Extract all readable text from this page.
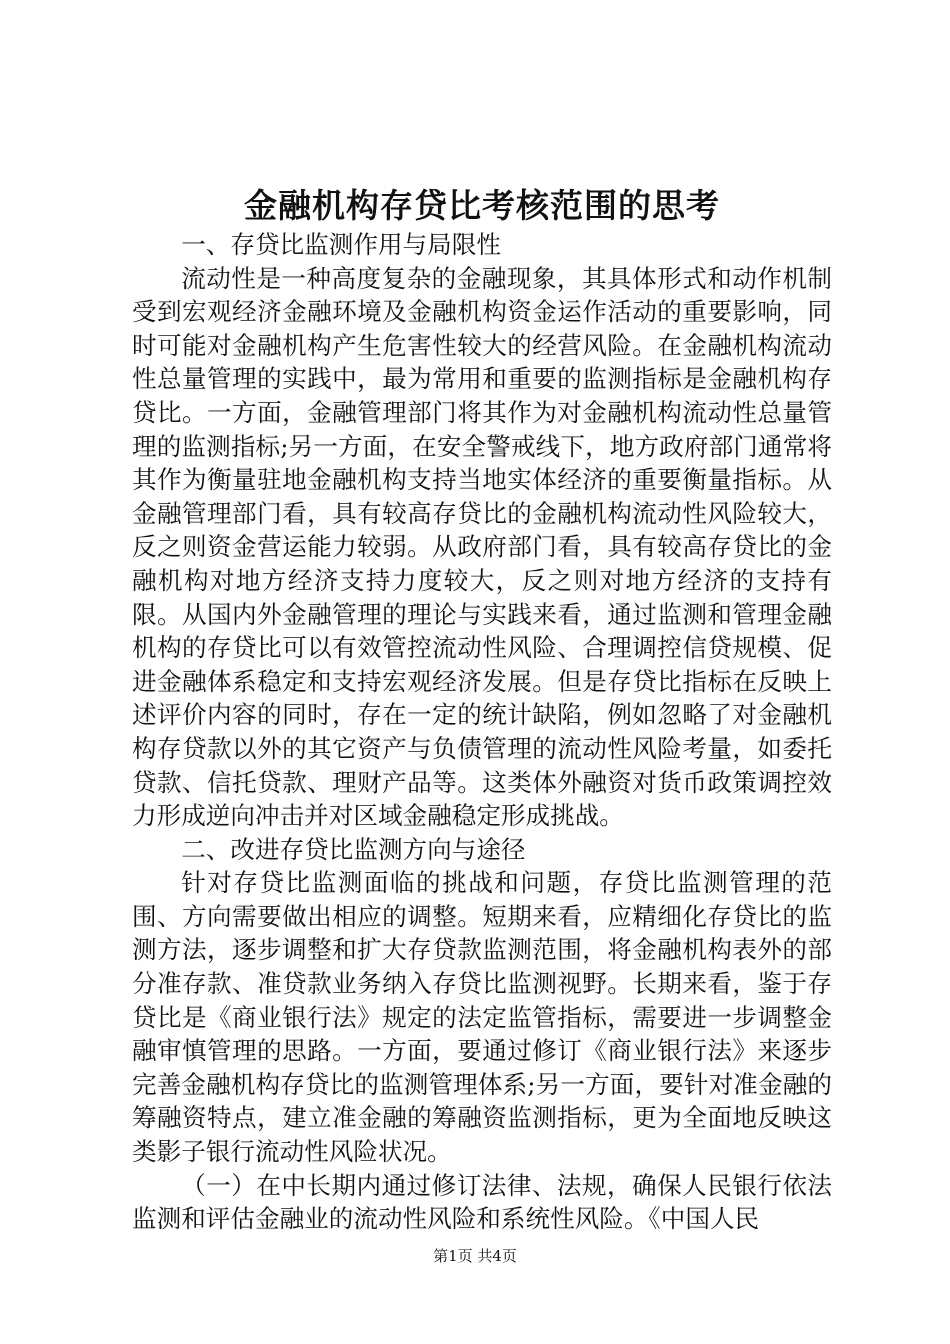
金融机构存贷比考核范围的思考

一、存贷比监测作用与局限性

流动性是一种高度复杂的金融现象，其具体形式和动作机制受到宏观经济金融环境及金融机构资金运作活动的重要影响，同时可能对金融机构产生危害性较大的经营风险。在金融机构流动性总量管理的实践中，最为常用和重要的监测指标是金融机构存贷比。一方面，金融管理部门将其作为对金融机构流动性总量管理的监测指标;另一方面，在安全警戒线下，地方政府部门通常将其作为衡量驻地金融机构支持当地实体经济的重要衡量指标。从金融管理部门看，具有较高存贷比的金融机构流动性风险较大，反之则资金营运能力较弱。从政府部门看，具有较高存贷比的金融机构对地方经济支持力度较大，反之则对地方经济的支持有限。从国内外金融管理的理论与实践来看，通过监测和管理金融机构的存贷比可以有效管控流动性风险、合理调控信贷规模、促进金融体系稳定和支持宏观经济发展。但是存贷比指标在反映上述评价内容的同时，存在一定的统计缺陷，例如忽略了对金融机构存贷款以外的其它资产与负债管理的流动性风险考量，如委托贷款、信托贷款、理财产品等。这类体外融资对货币政策调控效力形成逆向冲击并对区域金融稳定形成挑战。

二、改进存贷比监测方向与途径

针对存贷比监测面临的挑战和问题，存贷比监测管理的范围、方向需要做出相应的调整。短期来看，应精细化存贷比的监测方法，逐步调整和扩大存贷款监测范围，将金融机构表外的部分准存款、准贷款业务纳入存贷比监测视野。长期来看，鉴于存贷比是《商业银行法》规定的法定监管指标，需要进一步调整金融审慎管理的思路。一方面，要通过修订《商业银行法》来逐步完善金融机构存贷比的监测管理体系;另一方面，要针对准金融的筹融资特点，建立准金融的筹融资监测指标，更为全面地反映这类影子银行流动性风险状况。

（一）在中长期内通过修订法律、法规，确保人民银行依法监测和评估金融业的流动性风险和系统性风险。《中国人民

第1页 共4页
